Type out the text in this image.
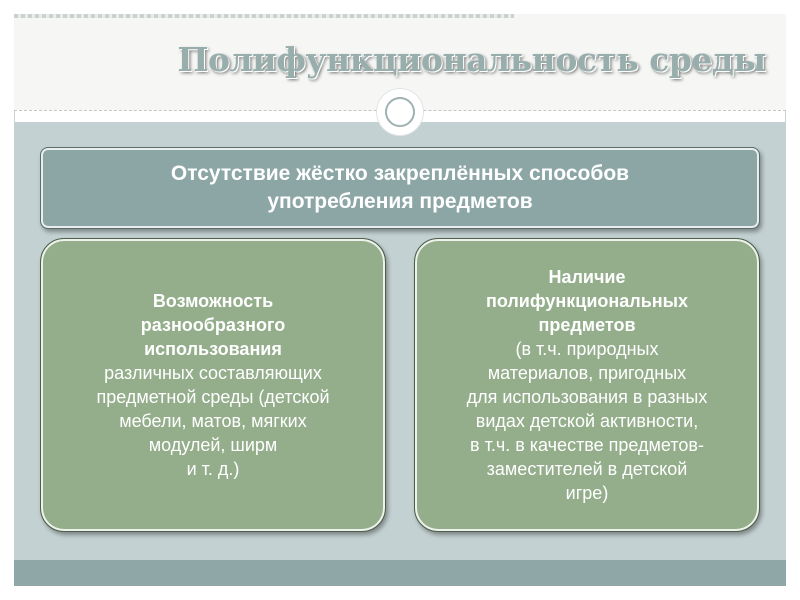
Полифункциональность среды
Отсутствие жёстко закреплённых способов
употребления предметов
Возможность
разнообразного
использования
различных составляющих
предметной среды (детской
мебели, матов, мягких
модулей, ширм
и т. д.)
Наличие
полифункциональных
предметов
(в т.ч. природных
материалов, пригодных
для использования в разных
видах детской активности,
в т.ч. в качестве предметов-
заместителей в детской
игре)
